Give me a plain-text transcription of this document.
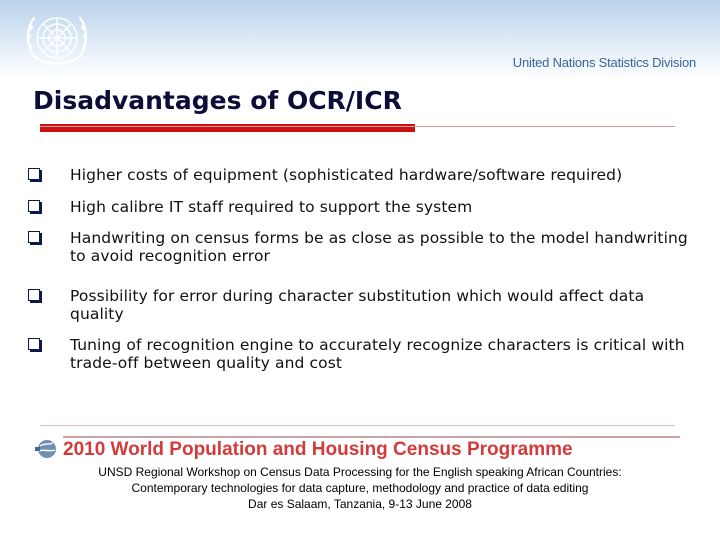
United Nations Statistics Division
Disadvantages of OCR/ICR
Higher costs of equipment (sophisticated hardware/software required)
High calibre IT staff required to support the system
Handwriting on census forms be as close as possible to the model handwriting to avoid recognition error
Possibility for error during character substitution which would affect data quality
Tuning of recognition engine to accurately recognize characters is critical with trade-off between quality and cost
2010 World Population and Housing Census Programme
UNSD Regional Workshop on Census Data Processing for the English speaking African Countries:
Contemporary technologies for data capture, methodology and practice of data editing
Dar es Salaam, Tanzania, 9-13 June 2008
